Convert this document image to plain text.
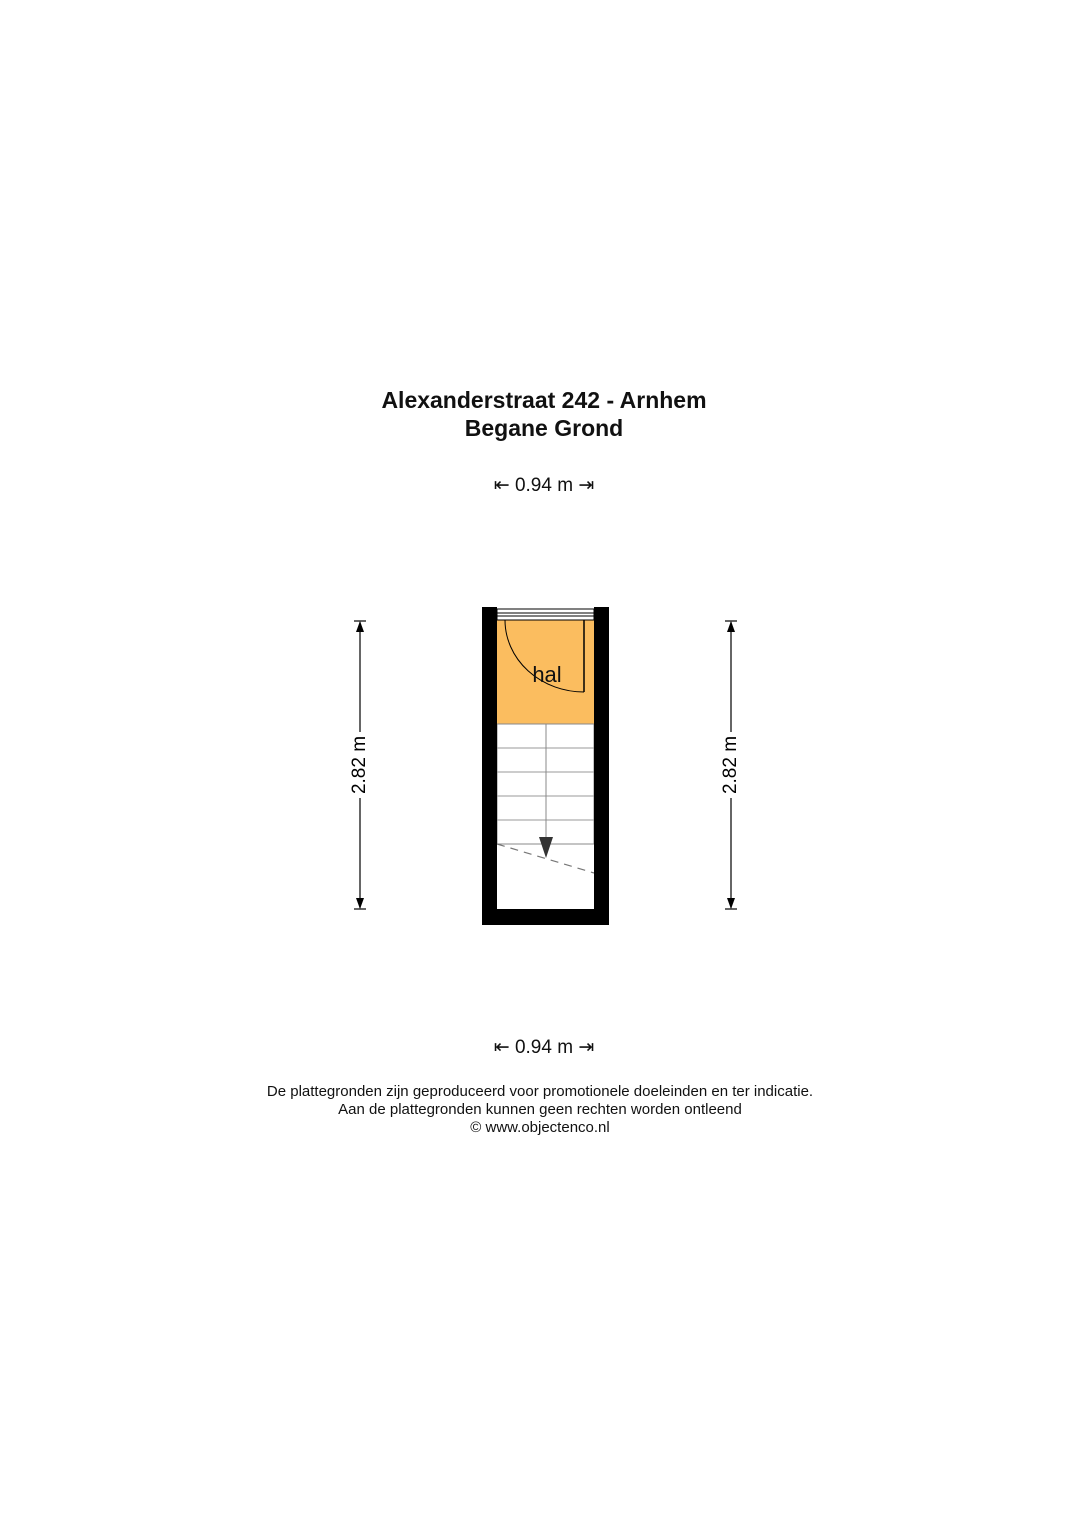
Alexanderstraat 242 - Arnhem
Begane Grond
⇤ 0.94 m ⇥
2.82 m	2.82 m
hal
⇤ 0.94 m ⇥
De plattegronden zijn geproduceerd voor promotionele doeleinden en ter indicatie.
Aan de plattegronden kunnen geen rechten worden ontleend
© www.objectenco.nl
